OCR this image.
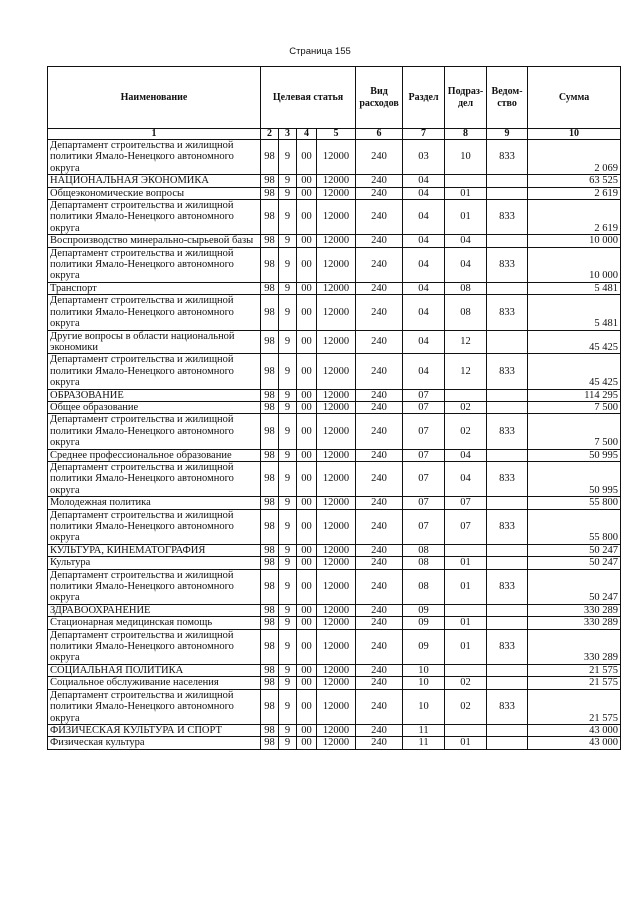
Страница 155
Наименование	Целевая статья				Вид расходов	Раздел	Подраз-дел	Ведом-ство	Сумма
1	2	3	4	5	6	7	8	9	10
Департамент строительства и жилищной политики Ямало-Ненецкого автономного округа	98	9	00	12000	240	03	10	833	2 069
НАЦИОНАЛЬНАЯ ЭКОНОМИКА	98	9	00	12000	240	04			63 525
Общеэкономические вопросы	98	9	00	12000	240	04	01		2 619
Департамент строительства и жилищной политики Ямало-Ненецкого автономного округа	98	9	00	12000	240	04	01	833	2 619
Воспроизводство минерально-сырьевой базы	98	9	00	12000	240	04	04		10 000
Департамент строительства и жилищной политики Ямало-Ненецкого автономного округа	98	9	00	12000	240	04	04	833	10 000
Транспорт	98	9	00	12000	240	04	08		5 481
Департамент строительства и жилищной политики Ямало-Ненецкого автономного округа	98	9	00	12000	240	04	08	833	5 481
Другие вопросы в области национальной экономики	98	9	00	12000	240	04	12		45 425
Департамент строительства и жилищной политики Ямало-Ненецкого автономного округа	98	9	00	12000	240	04	12	833	45 425
ОБРАЗОВАНИЕ	98	9	00	12000	240	07			114 295
Общее образование	98	9	00	12000	240	07	02		7 500
Департамент строительства и жилищной политики Ямало-Ненецкого автономного округа	98	9	00	12000	240	07	02	833	7 500
Среднее профессиональное образование	98	9	00	12000	240	07	04		50 995
Департамент строительства и жилищной политики Ямало-Ненецкого автономного округа	98	9	00	12000	240	07	04	833	50 995
Молодежная политика	98	9	00	12000	240	07	07		55 800
Департамент строительства и жилищной политики Ямало-Ненецкого автономного округа	98	9	00	12000	240	07	07	833	55 800
КУЛЬТУРА, КИНЕМАТОГРАФИЯ	98	9	00	12000	240	08			50 247
Культура	98	9	00	12000	240	08	01		50 247
Департамент строительства и жилищной политики Ямало-Ненецкого автономного округа	98	9	00	12000	240	08	01	833	50 247
ЗДРАВООХРАНЕНИЕ	98	9	00	12000	240	09			330 289
Стационарная медицинская помощь	98	9	00	12000	240	09	01		330 289
Департамент строительства и жилищной политики Ямало-Ненецкого автономного округа	98	9	00	12000	240	09	01	833	330 289
СОЦИАЛЬНАЯ ПОЛИТИКА	98	9	00	12000	240	10			21 575
Социальное обслуживание населения	98	9	00	12000	240	10	02		21 575
Департамент строительства и жилищной политики Ямало-Ненецкого автономного округа	98	9	00	12000	240	10	02	833	21 575
ФИЗИЧЕСКАЯ КУЛЬТУРА И СПОРТ	98	9	00	12000	240	11			43 000
Физическая культура	98	9	00	12000	240	11	01		43 000
